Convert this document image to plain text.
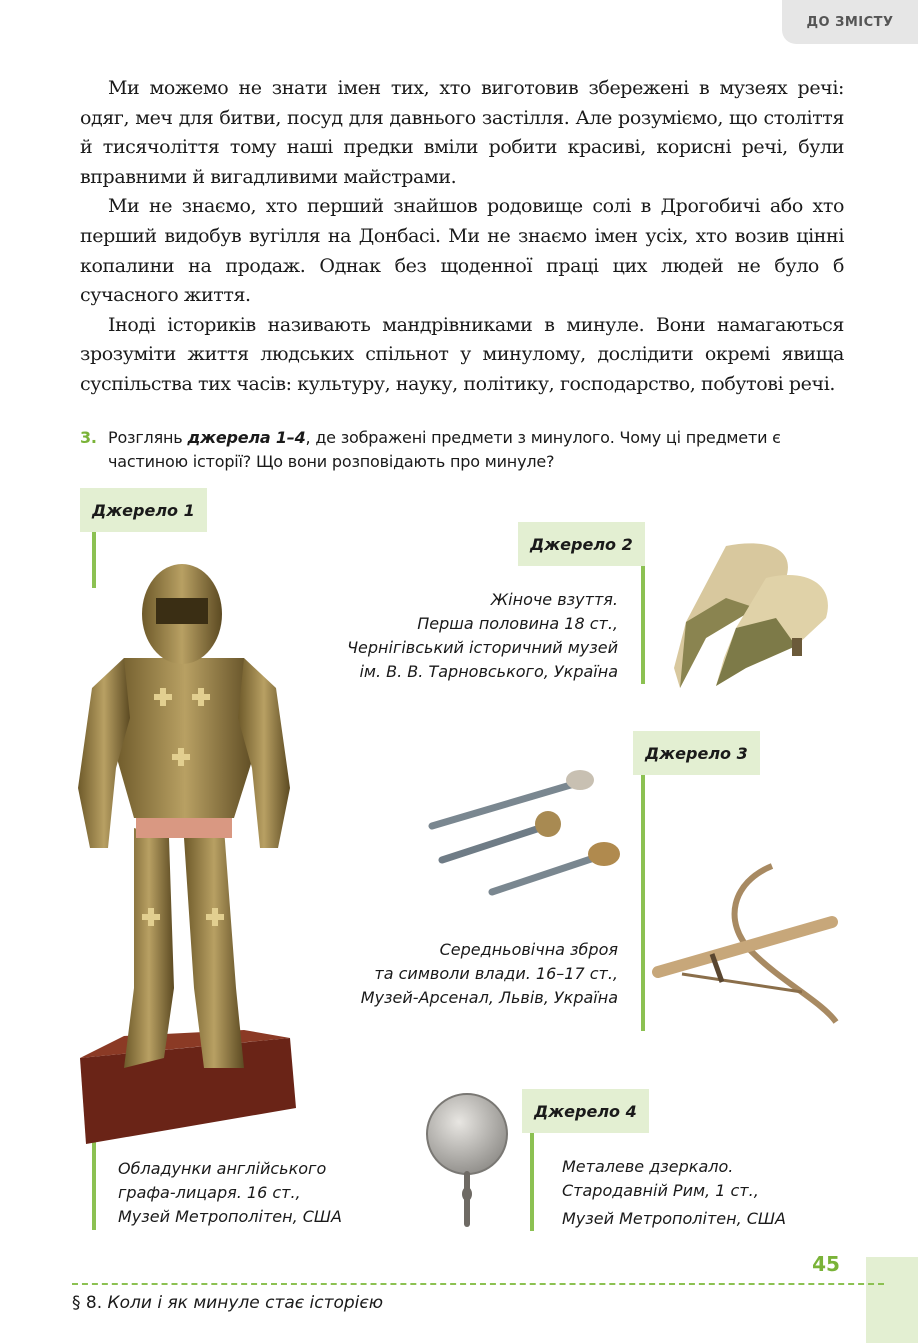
ДО ЗМІСТУ

Ми можемо не знати імен тих, хто виготовив збережені в музеях речі: одяг, меч для битви, посуд для давнього застілля. Але розуміємо, що століття й тисячоліття тому наші предки вміли робити красиві, корисні речі, були вправними й вигадливими майстрами.

Ми не знаємо, хто перший знайшов родовище солі в Дрогобичі або хто перший видобув вугілля на Донбасі. Ми не знаємо імен усіх, хто возив цінні копалини на продаж. Однак без щоденної праці цих людей не було б сучасного життя.

Іноді істориків називають мандрівниками в минуле. Вони намагаються зрозуміти життя людських спільнот у минулому, дослідити окремі явища суспільства тих часів: культуру, науку, політику, господарство, побутові речі.

3. Розглянь джерела 1–4, де зображені предмети з минулого. Чому ці предмети є частиною історії? Що вони розповідають про минуле?
Джерело 1
Обладунки англійського
графа-лицаря. 16 ст.,
Музей Метрополітен, США
Джерело 2
Жіноче взуття.
Перша половина 18 ст.,
Чернігівський історичний музей
ім. В. В. Тарновського, Україна
Джерело 3
Середньовічна зброя
та символи влади. 16–17 ст.,
Музей-Арсенал, Львів, Україна
Джерело 4
Металеве дзеркало.
Стародавній Рим, 1 ст.,
Музей Метрополітен, США
45
§ 8. Коли і як минуле стає історією
